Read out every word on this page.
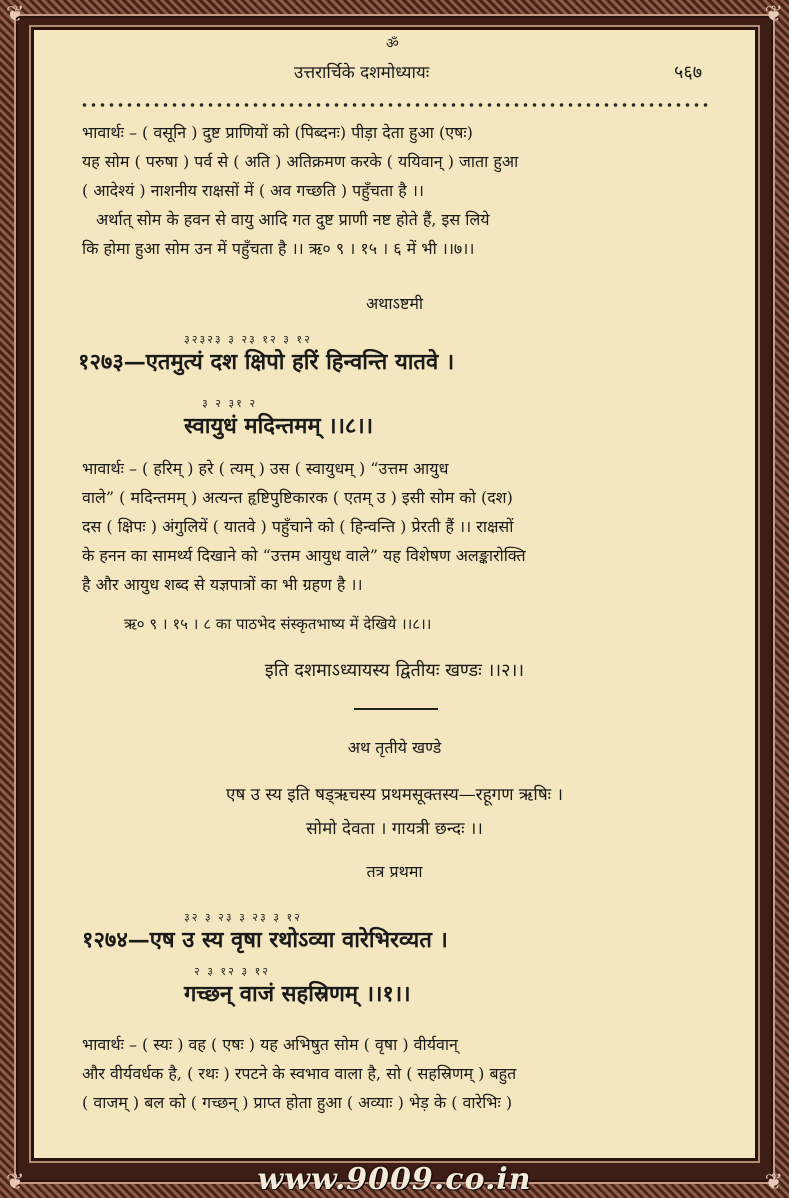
❦	❦
❦	❦
ॐ
उत्तरार्चिके दशमोध्यायः	५६७
भावार्थः – ( वसूनि ) दुष्ट प्राणियों को (पिब्दनः) पीड़ा देता हुआ (एषः)
यह सोम ( परुषा ) पर्व से ( अति ) अतिक्रमण करके ( ययिवान् ) जाता हुआ
( आदेश्यं ) नाशनीय राक्षसों में ( अव गच्छति ) पहुँचता है ।।
अर्थात् सोम के हवन से वायु आदि गत दुष्ट प्राणी नष्ट होते हैं, इस लिये
कि होमा हुआ सोम उन में पहुँचता है ।। ऋ० ९ । १५ । ६ में भी ।।७।।
अथाऽष्टमी
३२३२३ ३ २३ १२ ३ १२
१२७३—एतमुत्यं दश क्षिपो हरिं हिन्वन्ति यातवे ।
३ २ ३१ २
स्वायुधं मदिन्तमम् ।।८।।
भावार्थः – ( हरिम् ) हरे ( त्यम् ) उस ( स्वायुधम् ) “उत्तम आयुध
वाले” ( मदिन्तमम् ) अत्यन्त हृष्टिपुष्टिकारक ( एतम् उ ) इसी सोम को (दश)
दस ( क्षिपः ) अंगुलियें ( यातवे ) पहुँचाने को ( हिन्वन्ति ) प्रेरती हैं ।। राक्षसों
के हनन का सामर्थ्य दिखाने को “उत्तम आयुध वाले” यह विशेषण अलङ्कारोक्ति
है और आयुध शब्द से यज्ञपात्रों का भी ग्रहण है ।।
ऋ० ९ । १५ । ८ का पाठभेद संस्कृतभाष्य में देखिये ।।८।।
इति दशमाऽध्यायस्य द्वितीयः खण्डः ।।२।।
अथ तृतीये खण्डे
एष उ स्य इति षड्ऋचस्य प्रथमसूक्तस्य—रहूगण ऋषिः ।
सोमो देवता । गायत्री छन्दः ।।
तत्र प्रथमा
३२ ३ २३ ३ २३ ३ १२
१२७४—एष उ स्य वृषा रथोऽव्या वारेभिरव्यत ।
२ ३ १२ ३ १२
गच्छन् वाजं सहस्रिणम् ।।१।।
भावार्थः – ( स्यः ) वह ( एषः ) यह अभिषुत सोम ( वृषा ) वीर्यवान्
और वीर्यवर्धक है, ( रथः ) रपटने के स्वभाव वाला है, सो ( सहस्रिणम् ) बहुत
( वाजम् ) बल को ( गच्छन् ) प्राप्त होता हुआ ( अव्याः ) भेड़ के ( वारेभिः )
www.9009.co.in
